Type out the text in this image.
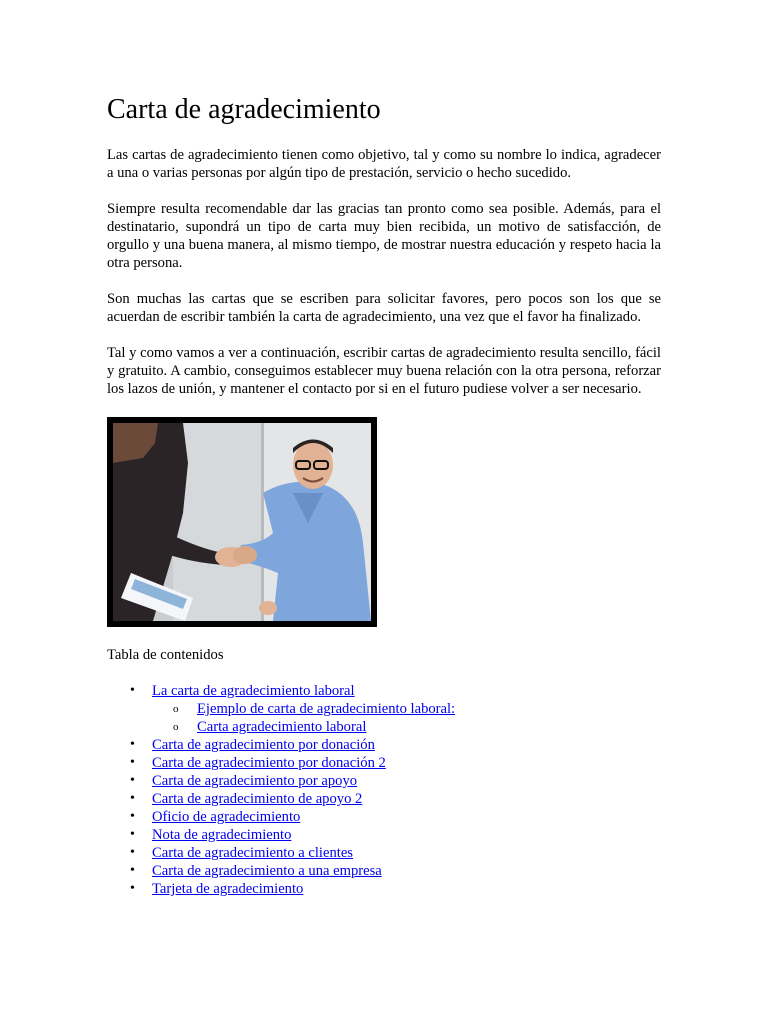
Carta de agradecimiento

Las cartas de agradecimiento tienen como objetivo, tal y como su nombre lo indica, agradecer a una o varias personas por algún tipo de prestación, servicio o hecho sucedido.

Siempre resulta recomendable dar las gracias tan pronto como sea posible. Además, para el destinatario, supondrá un tipo de carta muy bien recibida, un motivo de satisfacción, de orgullo y una buena manera, al mismo tiempo, de mostrar nuestra educación y respeto hacia la otra persona.

Son muchas las cartas que se escriben para solicitar favores, pero pocos son los que se acuerdan de escribir también la carta de agradecimiento, una vez que el favor ha finalizado.

Tal y como vamos a ver a continuación, escribir cartas de agradecimiento resulta sencillo, fácil y gratuito. A cambio, conseguimos establecer muy buena relación con la otra persona, reforzar los lazos de unión, y mantener el contacto por si en el futuro pudiese volver a ser necesario.

Tabla de contenidos
• La carta de agradecimiento laboral
o Ejemplo de carta de agradecimiento laboral:
o Carta agradecimiento laboral
• Carta de agradecimiento por donación
• Carta de agradecimiento por donación 2
• Carta de agradecimiento por apoyo
• Carta de agradecimiento de apoyo 2
• Oficio de agradecimiento
• Nota de agradecimiento
• Carta de agradecimiento a clientes
• Carta de agradecimiento a una empresa
• Tarjeta de agradecimiento
